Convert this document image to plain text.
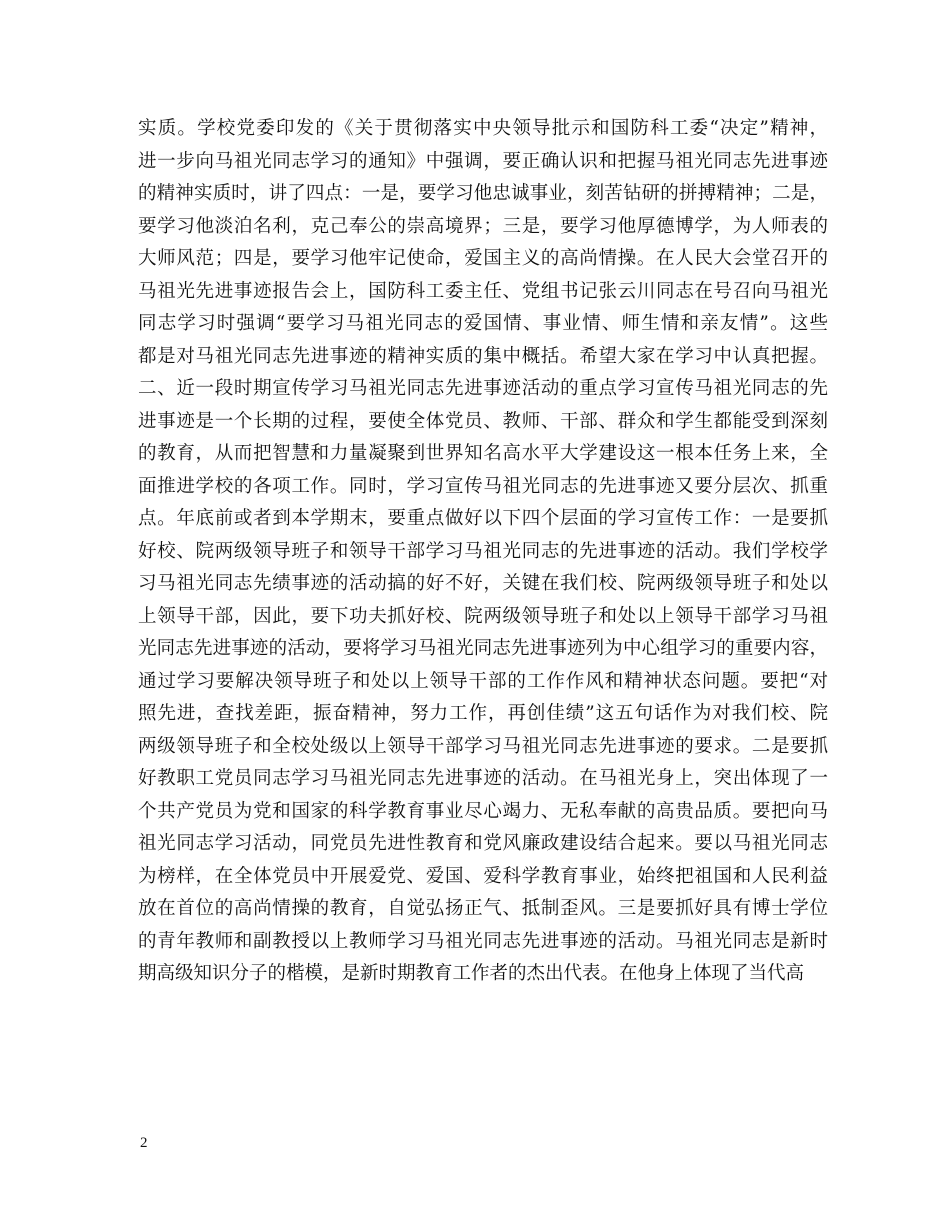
实质。学校党委印发的《关于贯彻落实中央领导批示和国防科工委“决定”精神，
进一步向马祖光同志学习的通知》中强调，要正确认识和把握马祖光同志先进事迹
的精神实质时，讲了四点：一是，要学习他忠诚事业，刻苦钻研的拼搏精神；二是，
要学习他淡泊名利，克己奉公的崇高境界；三是，要学习他厚德博学，为人师表的
大师风范；四是，要学习他牢记使命，爱国主义的高尚情操。在人民大会堂召开的
马祖光先进事迹报告会上，国防科工委主任、党组书记张云川同志在号召向马祖光
同志学习时强调“要学习马祖光同志的爱国情、事业情、师生情和亲友情”。这些
都是对马祖光同志先进事迹的精神实质的集中概括。希望大家在学习中认真把握。
二、近一段时期宣传学习马祖光同志先进事迹活动的重点学习宣传马祖光同志的先
进事迹是一个长期的过程，要使全体党员、教师、干部、群众和学生都能受到深刻
的教育，从而把智慧和力量凝聚到世界知名高水平大学建设这一根本任务上来，全
面推进学校的各项工作。同时，学习宣传马祖光同志的先进事迹又要分层次、抓重
点。年底前或者到本学期末，要重点做好以下四个层面的学习宣传工作：一是要抓
好校、院两级领导班子和领导干部学习马祖光同志的先进事迹的活动。我们学校学
习马祖光同志先绩事迹的活动搞的好不好，关键在我们校、院两级领导班子和处以
上领导干部，因此，要下功夫抓好校、院两级领导班子和处以上领导干部学习马祖
光同志先进事迹的活动，要将学习马祖光同志先进事迹列为中心组学习的重要内容，
通过学习要解决领导班子和处以上领导干部的工作作风和精神状态问题。要把“对
照先进，查找差距，振奋精神，努力工作，再创佳绩”这五句话作为对我们校、院
两级领导班子和全校处级以上领导干部学习马祖光同志先进事迹的要求。二是要抓
好教职工党员同志学习马祖光同志先进事迹的活动。在马祖光身上，突出体现了一
个共产党员为党和国家的科学教育事业尽心竭力、无私奉献的高贵品质。要把向马
祖光同志学习活动，同党员先进性教育和党风廉政建设结合起来。要以马祖光同志
为榜样，在全体党员中开展爱党、爱国、爱科学教育事业，始终把祖国和人民利益
放在首位的高尚情操的教育，自觉弘扬正气、抵制歪风。三是要抓好具有博士学位
的青年教师和副教授以上教师学习马祖光同志先进事迹的活动。马祖光同志是新时
期高级知识分子的楷模，是新时期教育工作者的杰出代表。在他身上体现了当代高
2
